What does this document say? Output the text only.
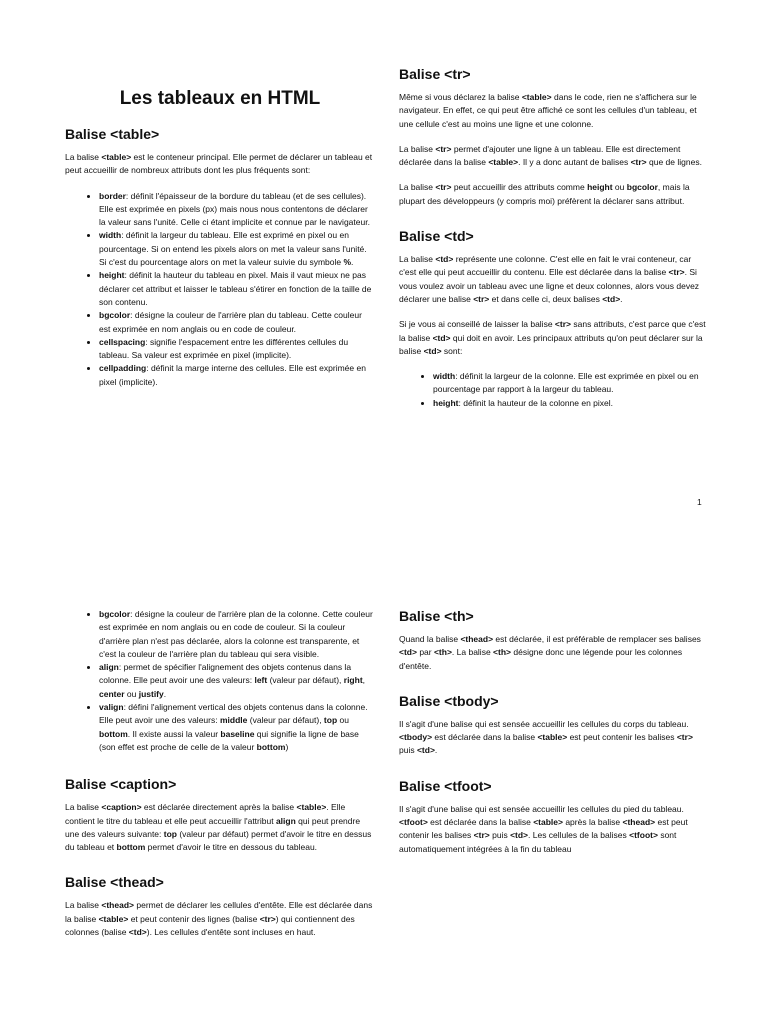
Les tableaux en HTML
Balise <table>

La balise <table> est le conteneur principal. Elle permet de déclarer un tableau et peut accueillir de nombreux attributs dont les plus fréquents sont:

• border: définit l'épaisseur de la bordure du tableau (et de ses cellules). Elle est exprimée en pixels (px) mais nous nous contentons de déclarer la valeur sans l'unité. Celle ci étant implicite et connue par le navigateur.
• width: définit la largeur du tableau. Elle est exprimé en pixel ou en pourcentage. Si on entend les pixels alors on met la valeur sans l'unité. Si c'est du pourcentage alors on met la valeur suivie du symbole %.
• height: définit la hauteur du tableau en pixel. Mais il vaut mieux ne pas déclarer cet attribut et laisser le tableau s'étirer en fonction de la taille de son contenu.
• bgcolor: désigne la couleur de l'arrière plan du tableau. Cette couleur est exprimée en nom anglais ou en code de couleur.
• cellspacing: signifie l'espacement entre les différentes cellules du tableau. Sa valeur est exprimée en pixel (implicite).
• cellpadding: définit la marge interne des cellules. Elle est exprimée en pixel (implicite).
Balise <tr>

Même si vous déclarez la balise <table> dans le code, rien ne s'affichera sur le navigateur. En effet, ce qui peut être affiché ce sont les cellules d'un tableau, et une cellule c'est au moins une ligne et une colonne.

La balise <tr> permet d'ajouter une ligne à un tableau. Elle est directement déclarée dans la balise <table>. Il y a donc autant de balises <tr> que de lignes.

La balise <tr> peut accueillir des attributs comme height ou bgcolor, mais la plupart des développeurs (y compris moi) préfèrent la déclarer sans attribut.

Balise <td>

La balise <td> représente une colonne. C'est elle en fait le vrai conteneur, car c'est elle qui peut accueillir du contenu. Elle est déclarée dans la balise <tr>. Si vous voulez avoir un tableau avec une ligne et deux colonnes, alors vous devez déclarer une balise <tr> et dans celle ci, deux balises <td>.

Si je vous ai conseillé de laisser la balise <tr> sans attributs, c'est parce que c'est la balise <td> qui doit en avoir. Les principaux attributs qu'on peut déclarer sur la balise <td> sont:

• width: définit la largeur de la colonne. Elle est exprimée en pixel ou en pourcentage par rapport à la largeur du tableau.
• height: définit la hauteur de la colonne en pixel.
1
• bgcolor: désigne la couleur de l'arrière plan de la colonne. Cette couleur est exprimée en nom anglais ou en code de couleur. Si la couleur d'arrière plan n'est pas déclarée, alors la colonne est transparente, et c'est la couleur de l'arrière plan du tableau qui sera visible.
• align: permet de spécifier l'alignement des objets contenus dans la colonne. Elle peut avoir une des valeurs: left (valeur par défaut), right, center ou justify.
• valign: défini l'alignement vertical des objets contenus dans la colonne. Elle peut avoir une des valeurs: middle (valeur par défaut), top ou bottom. Il existe aussi la valeur baseline qui signifie la ligne de base (son effet est proche de celle de la valeur bottom)
Balise <caption>

La balise <caption> est déclarée directement après la balise <table>. Elle contient le titre du tableau et elle peut accueillir l'attribut align qui peut prendre une des valeurs suivante: top (valeur par défaut) permet d'avoir le titre en dessus du tableau et bottom permet d'avoir le titre en dessous du tableau.

Balise <thead>

La balise <thead> permet de déclarer les cellules d'entête. Elle est déclarée dans la balise <table> et peut contenir des lignes (balise <tr>) qui contiennent des colonnes (balise <td>). Les cellules d'entête sont incluses en haut.

Balise <th>

Quand la balise <thead> est déclarée, il est préférable de remplacer ses balises <td> par <th>. La balise <th> désigne donc une légende pour les colonnes d'entête.

Balise <tbody>

Il s'agit d'une balise qui est sensée accueillir les cellules du corps du tableau. <tbody> est déclarée dans la balise <table> est peut contenir les balises <tr> puis <td>.

Balise <tfoot>

Il s'agit d'une balise qui est sensée accueillir les cellules du pied du tableau. <tfoot> est déclarée dans la balise <table> après la balise <thead> est peut contenir les balises <tr> puis <td>. Les cellules de la balises <tfoot> sont automatiquement intégrées à la fin du tableau
